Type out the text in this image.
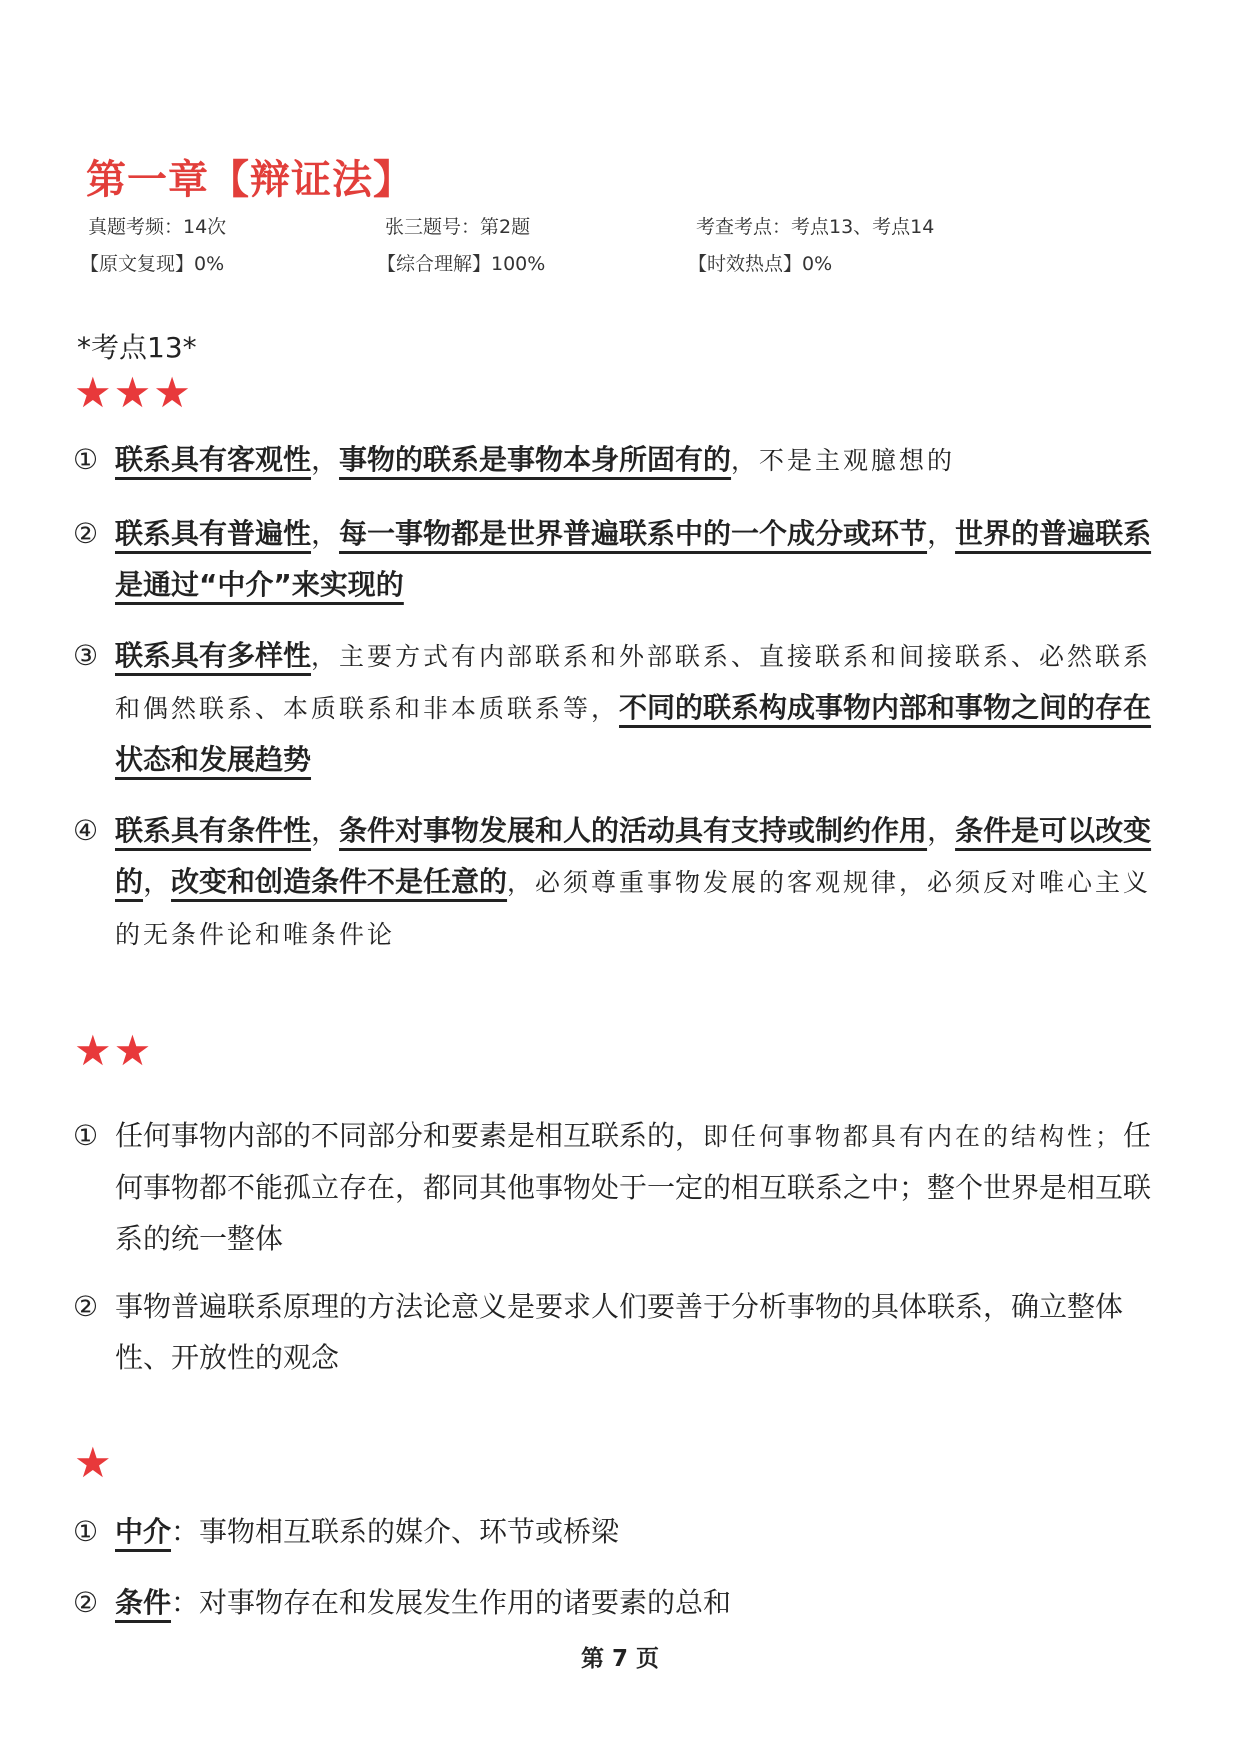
第一章【辩证法】
真题考频：14次	张三题号：第2题	考查考点：考点13、考点14
【原文复现】0%	【综合理解】100%	【时效热点】0%
*考点13*
★★★
① 联系具有客观性，事物的联系是事物本身所固有的，不是主观臆想的
② 联系具有普遍性，每一事物都是世界普遍联系中的一个成分或环节，世界的普遍联系是通过“中介”来实现的
③ 联系具有多样性，主要方式有内部联系和外部联系、直接联系和间接联系、必然联系和偶然联系、本质联系和非本质联系等，不同的联系构成事物内部和事物之间的存在状态和发展趋势
④ 联系具有条件性，条件对事物发展和人的活动具有支持或制约作用，条件是可以改变的，改变和创造条件不是任意的，必须尊重事物发展的客观规律，必须反对唯心主义的无条件论和唯条件论
★★
① 任何事物内部的不同部分和要素是相互联系的，即任何事物都具有内在的结构性；任何事物都不能孤立存在，都同其他事物处于一定的相互联系之中；整个世界是相互联系的统一整体
② 事物普遍联系原理的方法论意义是要求人们要善于分析事物的具体联系，确立整体性、开放性的观念
★
① 中介：事物相互联系的媒介、环节或桥梁
② 条件：对事物存在和发展发生作用的诸要素的总和
第 7 页
